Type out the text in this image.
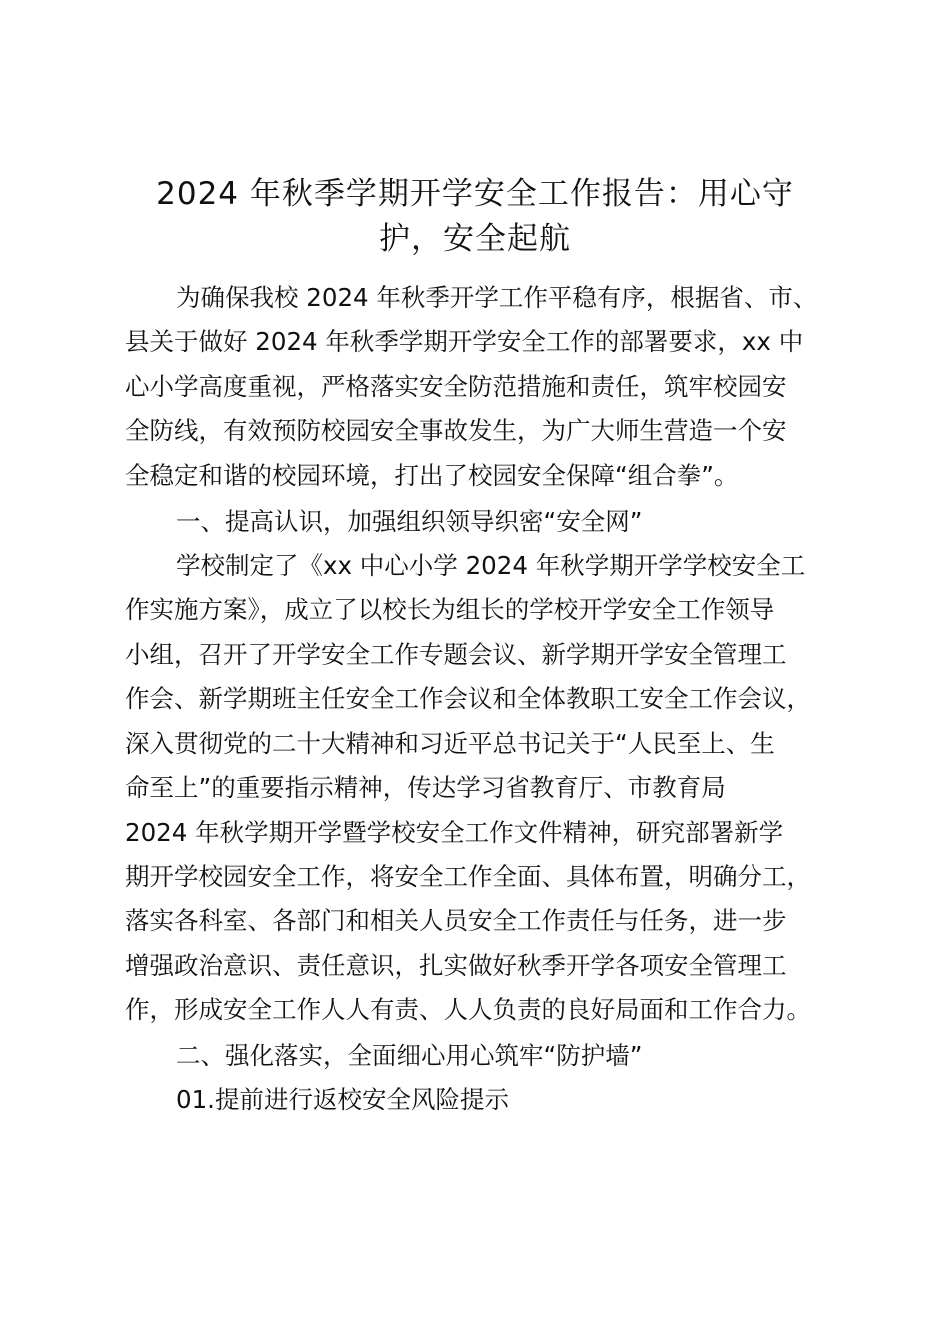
2024 年秋季学期开学安全工作报告：用心守
护，安全起航

为确保我校 2024 年秋季开学工作平稳有序，根据省、市、

县关于做好 2024 年秋季学期开学安全工作的部署要求，xx 中

心小学高度重视，严格落实安全防范措施和责任，筑牢校园安

全防线，有效预防校园安全事故发生，为广大师生营造一个安

全稳定和谐的校园环境，打出了校园安全保障“组合拳”。

一、提高认识，加强组织领导织密“安全网”

学校制定了《xx 中心小学 2024 年秋学期开学学校安全工

作实施方案》，成立了以校长为组长的学校开学安全工作领导

小组，召开了开学安全工作专题会议、新学期开学安全管理工

作会、新学期班主任安全工作会议和全体教职工安全工作会议，

深入贯彻党的二十大精神和习近平总书记关于“人民至上、生

命至上”的重要指示精神，传达学习省教育厅、市教育局

2024 年秋学期开学暨学校安全工作文件精神，研究部署新学

期开学校园安全工作，将安全工作全面、具体布置，明确分工，

落实各科室、各部门和相关人员安全工作责任与任务，进一步

增强政治意识、责任意识，扎实做好秋季开学各项安全管理工

作，形成安全工作人人有责、人人负责的良好局面和工作合力。

二、强化落实，全面细心用心筑牢“防护墙”

01.提前进行返校安全风险提示
